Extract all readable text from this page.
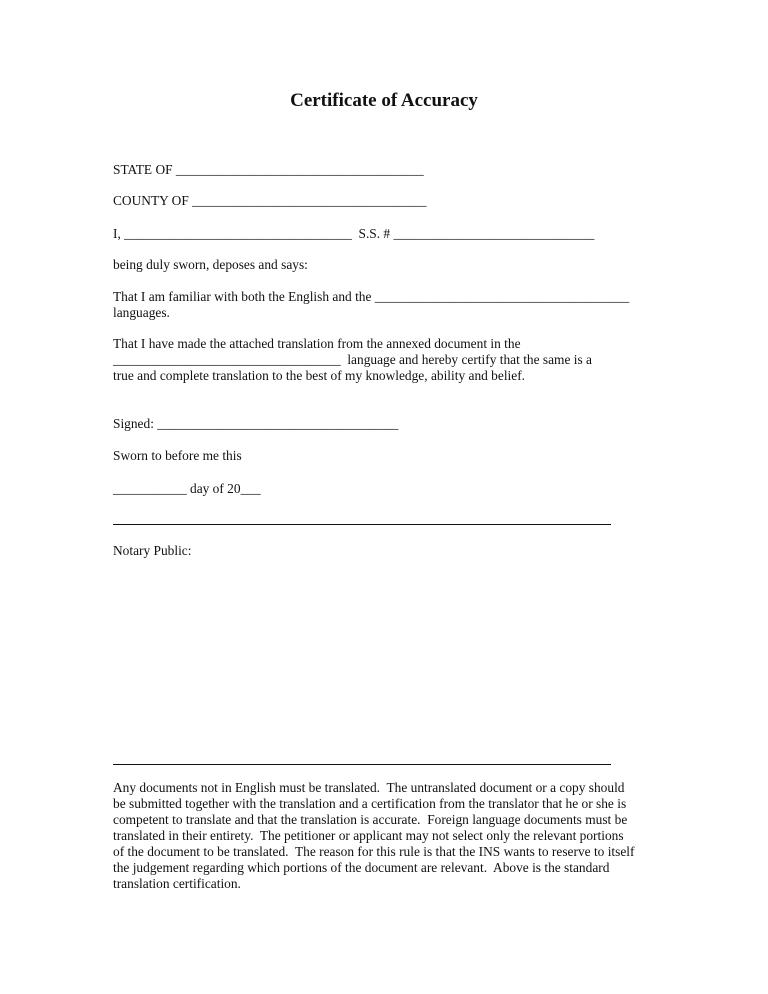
Certificate of Accuracy

STATE OF _____________________________________

COUNTY OF ___________________________________

I, __________________________________  S.S. # ______________________________

being duly sworn, deposes and says:

That I am familiar with both the English and the ______________________________________

languages.

That I have made the attached translation from the annexed document in the

__________________________________  language and hereby certify that the same is a

true and complete translation to the best of my knowledge, ability and belief.

Signed: ____________________________________

Sworn to before me this

___________ day of 20___

Notary Public:

Any documents not in English must be translated.  The untranslated document or a copy should
be submitted together with the translation and a certification from the translator that he or she is
competent to translate and that the translation is accurate.  Foreign language documents must be
translated in their entirety.  The petitioner or applicant may not select only the relevant portions
of the document to be translated.  The reason for this rule is that the INS wants to reserve to itself
the judgement regarding which portions of the document are relevant.  Above is the standard
translation certification.
